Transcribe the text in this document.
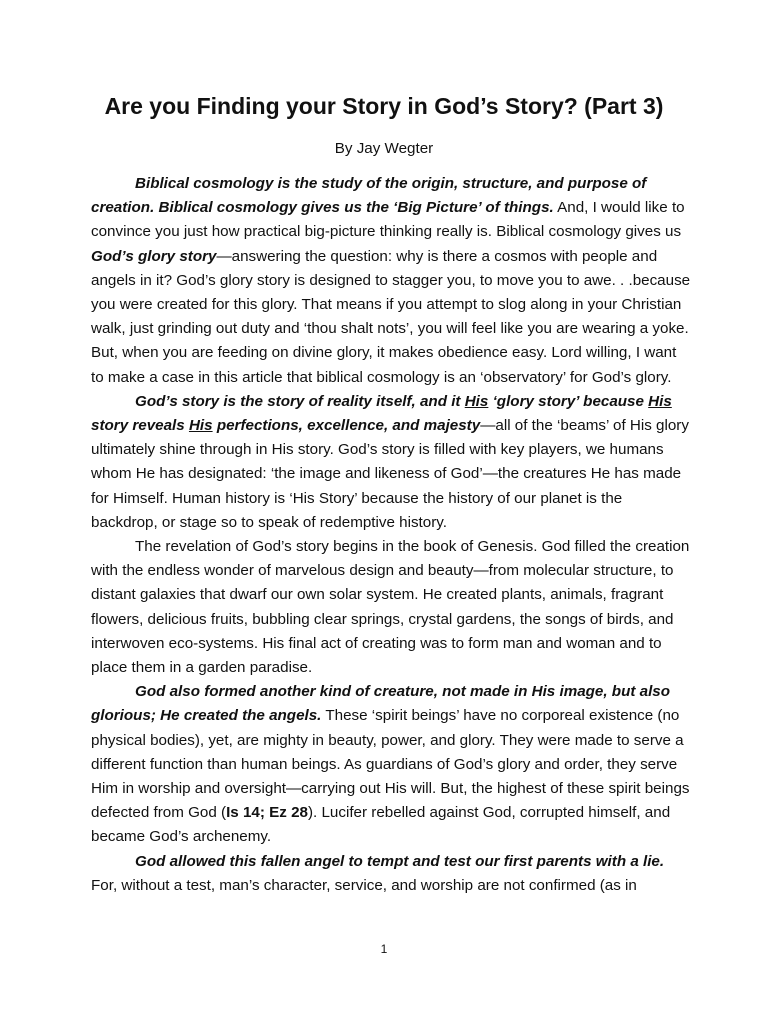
Are you Finding your Story in God’s Story? (Part 3)

By Jay Wegter

Biblical cosmology is the study of the origin, structure, and purpose of creation. Biblical cosmology gives us the ‘Big Picture’ of things. And, I would like to convince you just how practical big-picture thinking really is. Biblical cosmology gives us God’s glory story—answering the question: why is there a cosmos with people and angels in it? God’s glory story is designed to stagger you, to move you to awe. . .because you were created for this glory. That means if you attempt to slog along in your Christian walk, just grinding out duty and ‘thou shalt nots’, you will feel like you are wearing a yoke. But, when you are feeding on divine glory, it makes obedience easy. Lord willing, I want to make a case in this article that biblical cosmology is an ‘observatory’ for God’s glory.

God’s story is the story of reality itself, and it His ‘glory story’ because His story reveals His perfections, excellence, and majesty—all of the ‘beams’ of His glory ultimately shine through in His story. God’s story is filled with key players, we humans whom He has designated: ‘the image and likeness of God’—the creatures He has made for Himself. Human history is ‘His Story’ because the history of our planet is the backdrop, or stage so to speak of redemptive history.

The revelation of God’s story begins in the book of Genesis. God filled the creation with the endless wonder of marvelous design and beauty—from molecular structure, to distant galaxies that dwarf our own solar system. He created plants, animals, fragrant flowers, delicious fruits, bubbling clear springs, crystal gardens, the songs of birds, and interwoven eco-systems. His final act of creating was to form man and woman and to place them in a garden paradise.

God also formed another kind of creature, not made in His image, but also glorious; He created the angels. These ‘spirit beings’ have no corporeal existence (no physical bodies), yet, are mighty in beauty, power, and glory. They were made to serve a different function than human beings. As guardians of God’s glory and order, they serve Him in worship and oversight—carrying out His will. But, the highest of these spirit beings defected from God (Is 14; Ez 28). Lucifer rebelled against God, corrupted himself, and became God’s archenemy.

God allowed this fallen angel to tempt and test our first parents with a lie. For, without a test, man’s character, service, and worship are not confirmed (as in

1
